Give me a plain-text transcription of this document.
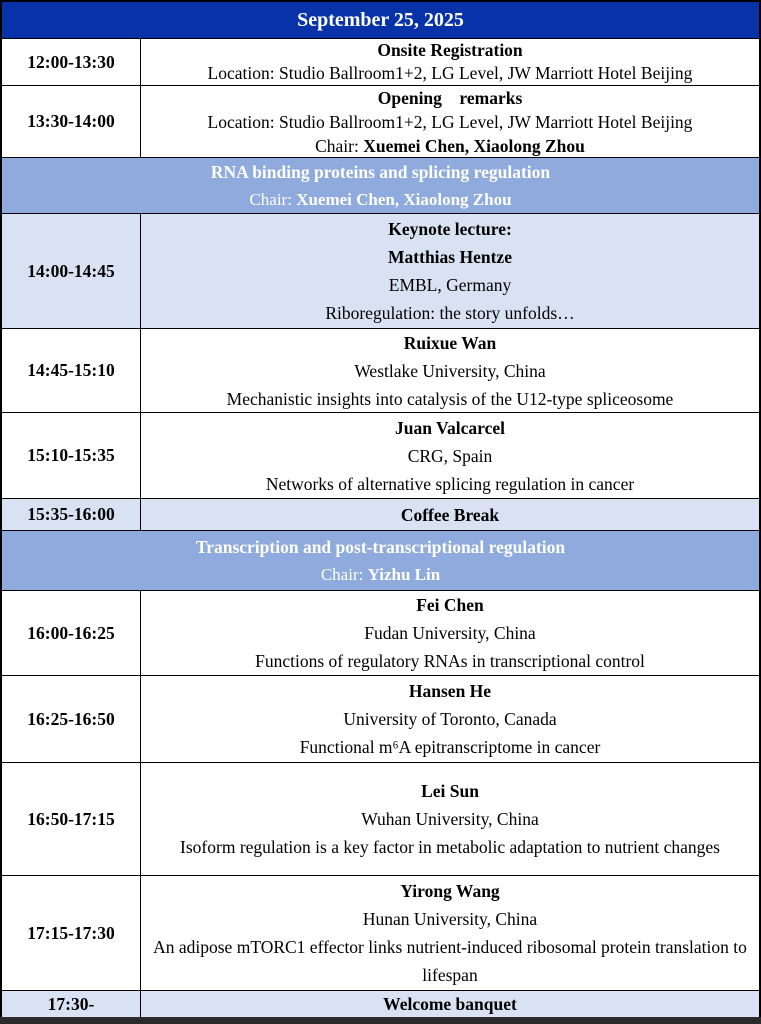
September 25, 2025
12:00-13:30
Onsite Registration
Location: Studio Ballroom1+2, LG Level, JW Marriott Hotel Beijing
13:30-14:00
Opening    remarks
Location: Studio Ballroom1+2, LG Level, JW Marriott Hotel Beijing
Chair: Xuemei Chen, Xiaolong Zhou
RNA binding proteins and splicing regulation
Chair: Xuemei Chen, Xiaolong Zhou
14:00-14:45
Keynote lecture:
Matthias Hentze
EMBL, Germany
Riboregulation: the story unfolds…
14:45-15:10
Ruixue Wan
Westlake University, China
Mechanistic insights into catalysis of the U12-type spliceosome
15:10-15:35
Juan Valcarcel
CRG, Spain
Networks of alternative splicing regulation in cancer
15:35-16:00	Coffee Break
Transcription and post-transcriptional regulation
Chair: Yizhu Lin
16:00-16:25
Fei Chen
Fudan University, China
Functions of regulatory RNAs in transcriptional control
16:25-16:50
Hansen He
University of Toronto, Canada
Functional m⁶A epitranscriptome in cancer
16:50-17:15
Lei Sun
Wuhan University, China
Isoform regulation is a key factor in metabolic adaptation to nutrient changes
17:15-17:30
Yirong Wang
Hunan University, China
An adipose mTORC1 effector links nutrient-induced ribosomal protein translation to lifespan
17:30-	Welcome banquet
